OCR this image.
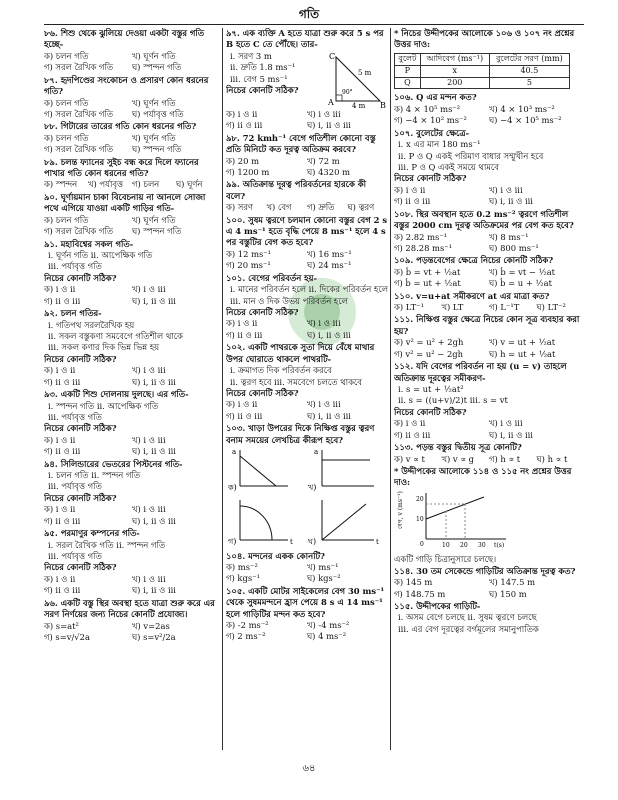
গতি
৮৬. শিশু থেকে ঝুলিয়ে দেওয়া একটা বস্তুর গতি হচ্ছে-
ক) চলন গতি	খ) ঘূর্ণন গতি
গ) সরল রৈখিক গতি	ঘ) স্পন্দন গতি
৮৭. হৃদপিণ্ডের সংকোচন ও প্রসারণ কোন ধরনের গতি?
ক) চলন গতি	খ) ঘূর্ণন গতি
গ) সরল রৈখিক গতি	ঘ) পর্যাবৃত্ত গতি
৮৮. গিটারের তারের গতি কোন ধরনের গতি?
ক) চলন গতি	খ) ঘূর্ণন গতি
গ) সরল রৈখিক গতি	ঘ) স্পন্দন গতি
৮৯. চলন্ত ফ্যানের সুইচ বন্ধ করে দিলে ফ্যানের পাখার গতি কোন ধরনের গতি?
ক) স্পন্দন	খ) পর্যাবৃত্ত	গ) চলন	ঘ) ঘূর্ণন
৯০. ঘূর্ণায়মান চাকা বিবেচনায় না আনলে সোজা পথে এগিয়ে যাওয়া একটি গাড়ির গতি-
ক) চলন গতি	খ) ঘূর্ণন গতি
গ) সরল রৈখিক গতি	ঘ) স্পন্দন গতি
৯১. মহাবিশ্বের সকল গতি-
i. ঘূর্ণন গতি ii. আপেক্ষিক গতি
iii. পর্যাবৃত্ত গতি
নিচের কোনটি সঠিক?
ক) i ও ii	খ) i ও iii
গ) ii ও iii	ঘ) i, ii ও iii
৯২. চলন গতির-
i. গতিপথ সরলরৈখিক হয়
ii. সকল বস্তুকণা সমবেগে গতিশীল থাকে
iii. সকল কণার দিক ভিন্ন ভিন্ন হয়
নিচের কোনটি সঠিক?
ক) i ও ii	খ) i ও iii
গ) ii ও iii	ঘ) i, ii ও iii
৯৩. একটি শিশু দোলনায় দুলছে। এর গতি-
i. স্পন্দন গতি ii. আপেক্ষিক গতি
iii. পর্যাবৃত্ত গতি
নিচের কোনটি সঠিক?
ক) i ও ii	খ) i ও iii
গ) ii ও iii	ঘ) i, ii ও iii
৯৪. সিলিন্ডারের ভেতরের পিস্টনের গতি-
i. চলন গতি ii. স্পন্দন গতি
iii. পর্যাবৃত্ত গতি
নিচের কোনটি সঠিক?
ক) i ও ii	খ) i ও iii
গ) ii ও iii	ঘ) i, ii ও iii
৯৫. পরমাণুর কম্পনের গতি-
i. সরল রৈখিক গতি ii. স্পন্দন গতি
iii. পর্যাবৃত্ত গতি
নিচের কোনটি সঠিক?
ক) i ও ii	খ) i ও iii
গ) ii ও iii	ঘ) i, ii ও iii
৯৬. একটি বস্তু স্থির অবস্থা হতে যাত্রা শুরু করে এর সরণ নির্ণয়ের জন্য নিচের কোনটি প্রযোজ্য।
ক) s=at²	খ) v=2as
গ) s=v/√2a	ঘ) s=v²/2a
৯৭. এক ব্যক্তি A হতে যাত্রা শুরু করে 5 s পর B হতে C তে পৌঁছে। তার-
i. সরণ 3 m
ii. দ্রুতি 1.8 ms⁻¹
iii. বেগ 5 ms⁻¹
নিচের কোনটি সঠিক?
C
A	B
5 m
4 m
90°
ক) i ও ii	খ) i ও iii
গ) ii ও iii	ঘ) i, ii ও iii
৯৮. 72 kmh⁻¹ বেগে গতিশীল কোনো বস্তু প্রতি মিনিটে কত দূরত্ব অতিক্রম করবে?
ক) 20 m	খ) 72 m
গ) 1200 m	ঘ) 4320 m
৯৯. অতিক্রান্ত দূরত্ব পরিবর্তনের হারকে কী বলে?
ক) সরণ	খ) বেগ	গ) দ্রুতি	ঘ) ত্বরণ
১০০. সুষম ত্বরণে চলমান কোনো বস্তুর বেগ 2 s এ 4 ms⁻¹ হতে বৃদ্ধি পেয়ে 8 ms⁻¹ হলে 4 s পর বস্তুটির বেগ কত হবে?
ক) 12 ms⁻¹	খ) 16 ms⁻¹
গ) 20 ms⁻¹	ঘ) 24 ms⁻¹
১০১. বেগের পরিবর্তন হয়-
i. মানের পরিবর্তন হলে ii. দিকের পরিবর্তন হলে
iii. মান ও দিক উভয় পরিবর্তন হলে
নিচের কোনটি সঠিক?
ক) i ও ii	খ) i ও iii
গ) ii ও iii	ঘ) i, ii ও iii
১০২. একটি পাথরকে সুতা দিয়ে বেঁধে মাথার উপর ঘোরাতে থাকলে পাথরটি-
i. ক্রমাগত দিক পরিবর্তন করবে
ii. ত্বরণ হবে iii. সমবেগে চলতে থাকবে
নিচের কোনটি সঠিক?
ক) i ও ii	খ) i ও iii
গ) ii ও iii	ঘ) i, ii ও iii
১০৩. খাড়া উপরের দিকে নিক্ষিপ্ত বস্তুর ত্বরণ বনাম সময়ের লেখচিত্র কীরূপ হবে?
ক)
a
খ)
a
গ)	t ঘ)	t
১০৪. মন্দনের একক কোনটি?
ক) ms⁻²	খ) ms⁻¹
গ) kgs⁻¹	ঘ) kgs⁻²
১০৫. একটি মোটর সাইকেলের বেগ 30 ms⁻¹ থেকে সুষমমন্দনে হ্রাস পেয়ে 8 s এ 14 ms⁻¹ হলে গাড়িটির মন্দন কত হবে?
ক) -2 ms⁻²	খ) -4 ms⁻²
গ) 2 ms⁻²	ঘ) 4 ms⁻²
* নিচের উদ্দীপকের আলোকে ১০৬ ও ১০৭ নং প্রশ্নের উত্তর দাও:
বুলেট	আদিবেগ (ms⁻¹)	বুলেটের সরণ (mm)
P	x	40.5
Q	200	5
১০৬. Q এর মন্দন কত?
ক) 4 × 10⁵ ms⁻²	খ) 4 × 10³ ms⁻²
গ) −4 × 10² ms⁻²	ঘ) −4 × 10⁵ ms⁻²
১০৭. বুলেটের ক্ষেত্রে-
i. x এর মান 180 ms⁻¹
ii. P ও Q একই পরিমাণ বাধার সম্মুখীন হবে
iii. P ও Q একই সময়ে থামবে
নিচের কোনটি সঠিক?
ক) i ও ii	খ) i ও iii
গ) ii ও iii	ঘ) i, ii ও iii
১০৮. স্থির অবস্থান হতে 0.2 ms⁻² ত্বরণে গতিশীল বস্তুর 2000 cm দূরত্ব অতিক্রমের পর বেগ কত হবে?
ক) 2.82 ms⁻¹	খ) 8 ms⁻¹
গ) 28.28 ms⁻¹	ঘ) 800 ms⁻¹
১০৯. পড়ন্তবেগের ক্ষেত্রে নিচের কোনটি সঠিক?
ক) ḃ = vt + ½at	খ) ḃ = vt − ½at
গ) ḃ = ut + ½at	ঘ) ḃ = u + ½at
১১০. v=u+at সমীকরণে at এর মাত্রা কত?
ক) LT⁻¹	খ) LT	গ) L⁻¹T	ঘ) LT⁻²
১১১. নিক্ষিপ্ত বস্তুর ক্ষেত্রে নিচের কোন সূত্র ব্যবহার করা হয়?
ক) v² = u² + 2gh	খ) v = ut + ½at
গ) v² = u² − 2gh	ঘ) h = ut + ½at
১১২. যদি বেগের পরিবর্তন না হয় (u = v) তাহলে অতিক্রান্ত দূরত্বের সমীকরণ-
i. s = ut + ½at²
ii. s = ((u+v)/2)t iii. s = vt
নিচের কোনটি সঠিক?
ক) i ও ii	খ) i ও iii
গ) ii ও iii	ঘ) i, ii ও iii
১১৩. পড়ন্ত বস্তুর দ্বিতীয় সূত্র কোনটি?
ক) v ∝ t	খ) v ∝ g	গ) h ∝ t	ঘ) h ∝ t
* উদ্দীপকের আলোকে ১১৪ ও ১১৫ নং প্রশ্নের উত্তর দাও:
বেগ, v (ms⁻¹) 20
10
0	10 20 30 t(s)
একটি গাড়ি চিত্রানুসারে চলছে।
১১৪. 30 তম সেকেন্ডে গাড়িটির অতিক্রান্ত দূরত্ব কত?
ক) 145 m	খ) 147.5 m
গ) 148.75 m	ঘ) 150 m
১১৫. উদ্দীপকের গাড়িটি-
i. অসম বেগে চলছে ii. সুষম ত্বরণে চলছে
iii. এর বেগ দূরত্বের বর্গমূলের সমানুপাতিক
৬৪
